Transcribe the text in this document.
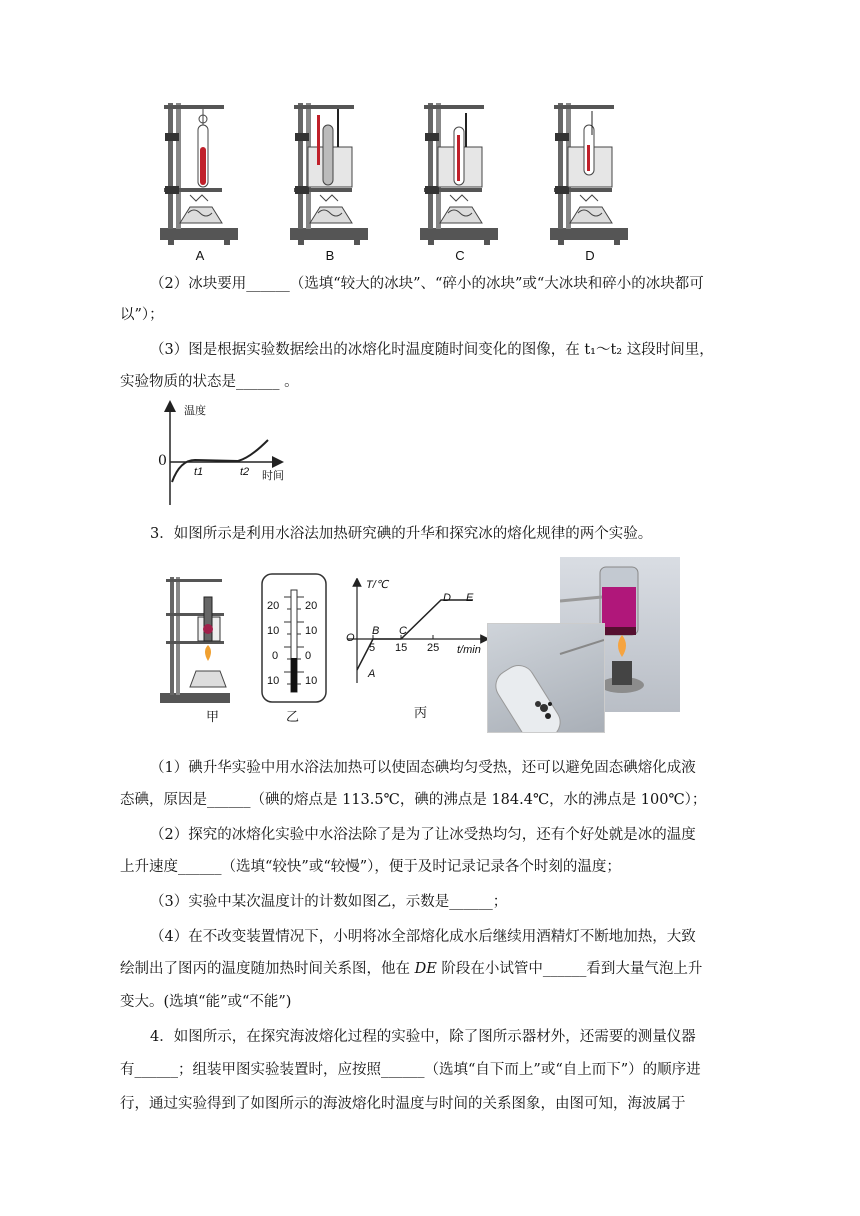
A	B	C	D
（2）冰块要用______（选填“较大的冰块”、“碎小的冰块”或“大冰块和碎小的冰块都可
以”）；
（3）图是根据实验数据绘出的冰熔化时温度随时间变化的图像，在 t₁～t₂ 这段时间里，
实验物质的状态是______ 。
温度
0
t1	t2 时间
3．如图所示是利用水浴法加热研究碘的升华和探究冰的熔化规律的两个实验。
20
10
0
10
20
10
0
10
T/℃
O
A
B C
D E
5 15 25 t/min
甲	乙	丙
（1）碘升华实验中用水浴法加热可以使固态碘均匀受热，还可以避免固态碘熔化成液
态碘，原因是______（碘的熔点是 113.5℃，碘的沸点是 184.4℃，水的沸点是 100℃）；
（2）探究的冰熔化实验中水浴法除了是为了让冰受热均匀，还有个好处就是冰的温度
上升速度______（选填“较快”或“较慢”），便于及时记录记录各个时刻的温度；
（3）实验中某次温度计的计数如图乙，示数是______；
（4）在不改变装置情况下，小明将冰全部熔化成水后继续用酒精灯不断地加热，大致
绘制出了图丙的温度随加热时间关系图，他在 DE 阶段在小试管中______看到大量气泡上升
变大。(选填“能”或“不能”)
4．如图所示，在探究海波熔化过程的实验中，除了图所示器材外，还需要的测量仪器
有______；组装甲图实验装置时，应按照______（选填“自下而上”或“自上而下”）的顺序进
行，通过实验得到了如图所示的海波熔化时温度与时间的关系图象，由图可知，海波属于
